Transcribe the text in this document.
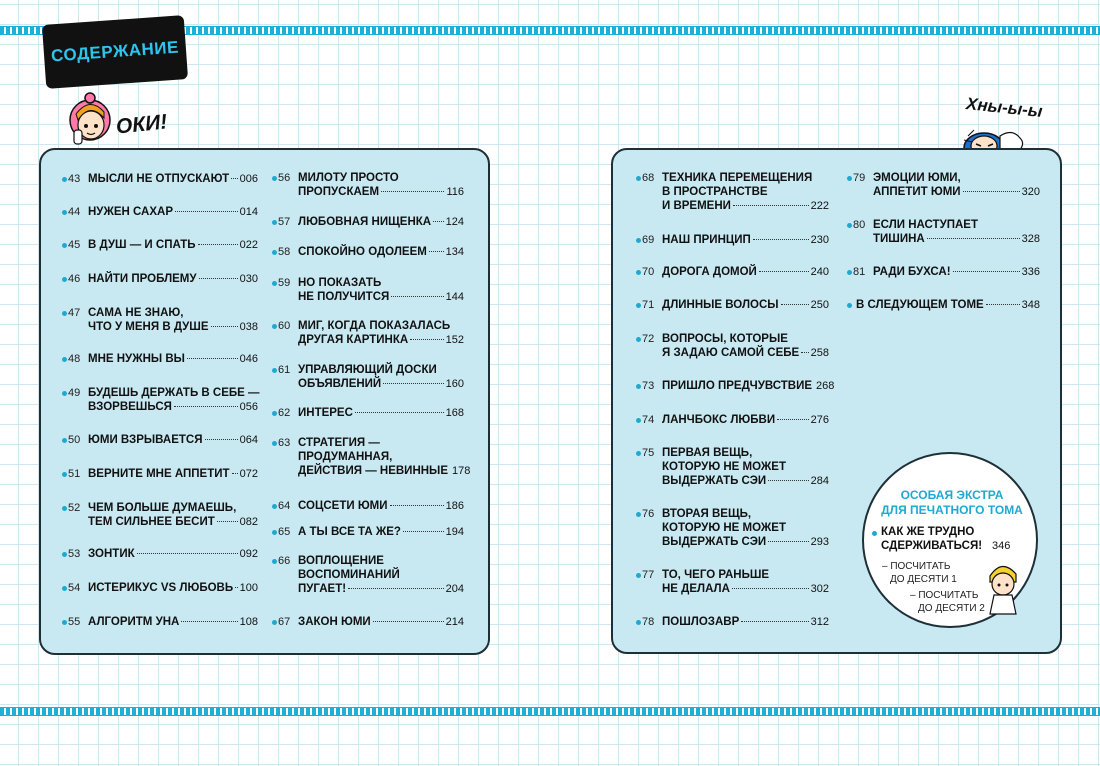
СОДЕРЖАНИЕ
ОКИ!
Хны-ы-ы
43 МЫСЛИ НЕ ОТПУСКАЮТ 006
44 НУЖЕН САХАР	014
45 В ДУШ — И СПАТЬ	022
46 НАЙТИ ПРОБЛЕМУ	030
47 САМА НЕ ЗНАЮ,
ЧТО У МЕНЯ В ДУШЕ	038
48 МНЕ НУЖНЫ ВЫ	046
49 БУДЕШЬ ДЕРЖАТЬ В СЕБЕ —
ВЗОРВЕШЬСЯ	056
50 ЮМИ ВЗРЫВАЕТСЯ	064
51 ВЕРНИТЕ МНЕ АППЕТИТ 072
52 ЧЕМ БОЛЬШЕ ДУМАЕШЬ,
ТЕМ СИЛЬНЕЕ БЕСИТ 082
53 ЗОНТИК	092
54 ИСТЕРИКУС VS ЛЮБОВЬ 100
55 АЛГОРИТМ УНА	108
56 МИЛОТУ ПРОСТО
ПРОПУСКАЕМ	116
57 ЛЮБОВНАЯ НИЩЕНКА 124
58 СПОКОЙНО ОДОЛЕЕМ 134
59 НО ПОКАЗАТЬ
НЕ ПОЛУЧИТСЯ	144
60 МИГ, КОГДА ПОКАЗАЛАСЬ
ДРУГАЯ КАРТИНКА	152
61 УПРАВЛЯЮЩИЙ ДОСКИ
ОБЪЯВЛЕНИЙ	160
62 ИНТЕРЕС	168
63 СТРАТЕГИЯ —
ПРОДУМАННАЯ,
ДЕЙСТВИЯ — НЕВИННЫЕ 178
64 СОЦСЕТИ ЮМИ	186
65 А ТЫ ВСЕ ТА ЖЕ?	194
66 ВОПЛОЩЕНИЕ
ВОСПОМИНАНИЙ
ПУГАЕТ!	204
67 ЗАКОН ЮМИ	214
68 ТЕХНИКА ПЕРЕМЕЩЕНИЯ
В ПРОСТРАНСТВЕ
И ВРЕМЕНИ	222
69 НАШ ПРИНЦИП	230
70 ДОРОГА ДОМОЙ	240
71 ДЛИННЫЕ ВОЛОСЫ	250
72 ВОПРОСЫ, КОТОРЫЕ
Я ЗАДАЮ САМОЙ СЕБЕ 258
73 ПРИШЛО ПРЕДЧУВСТВИЕ 268
74 ЛАНЧБОКС ЛЮБВИ	276
75 ПЕРВАЯ ВЕЩЬ,
КОТОРУЮ НЕ МОЖЕТ
ВЫДЕРЖАТЬ СЭИ	284
76 ВТОРАЯ ВЕЩЬ,
КОТОРУЮ НЕ МОЖЕТ
ВЫДЕРЖАТЬ СЭИ	293
77 ТО, ЧЕГО РАНЬШЕ
НЕ ДЕЛАЛА	302
78 ПОШЛОЗАВР	312
79 ЭМОЦИИ ЮМИ,
АППЕТИТ ЮМИ	320
80 ЕСЛИ НАСТУПАЕТ
ТИШИНА	328
81 РАДИ БУХСА!	336
В СЛЕДУЮЩЕМ ТОМЕ	348
ОСОБАЯ ЭКСТРА
ДЛЯ ПЕЧАТНОГО ТОМА
КАК ЖЕ ТРУДНО
СДЕРЖИВАТЬСЯ! 346
– ПОСЧИТАТЬ
ДО ДЕСЯТИ 1
– ПОСЧИТАТЬ
ДО ДЕСЯТИ 2
